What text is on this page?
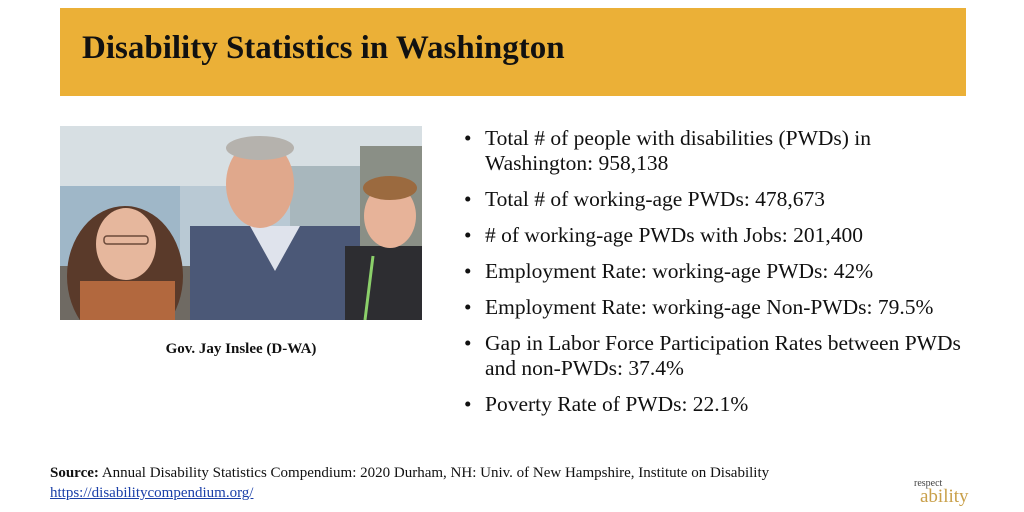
Disability Statistics in Washington
Gov. Jay Inslee (D-WA)
• Total # of people with disabilities (PWDs) in Washington: 958,138
• Total # of working-age PWDs: 478,673
• # of working-age PWDs with Jobs: 201,400
• Employment Rate: working-age PWDs: 42%
• Employment Rate: working-age Non-PWDs: 79.5%
• Gap in Labor Force Participation Rates between PWDs and non-PWDs: 37.4%
• Poverty Rate of PWDs: 22.1%
Source: Annual Disability Statistics Compendium: 2020 Durham, NH: Univ. of New Hampshire, Institute on Disability
https://disabilitycompendium.org/
respect
ability
